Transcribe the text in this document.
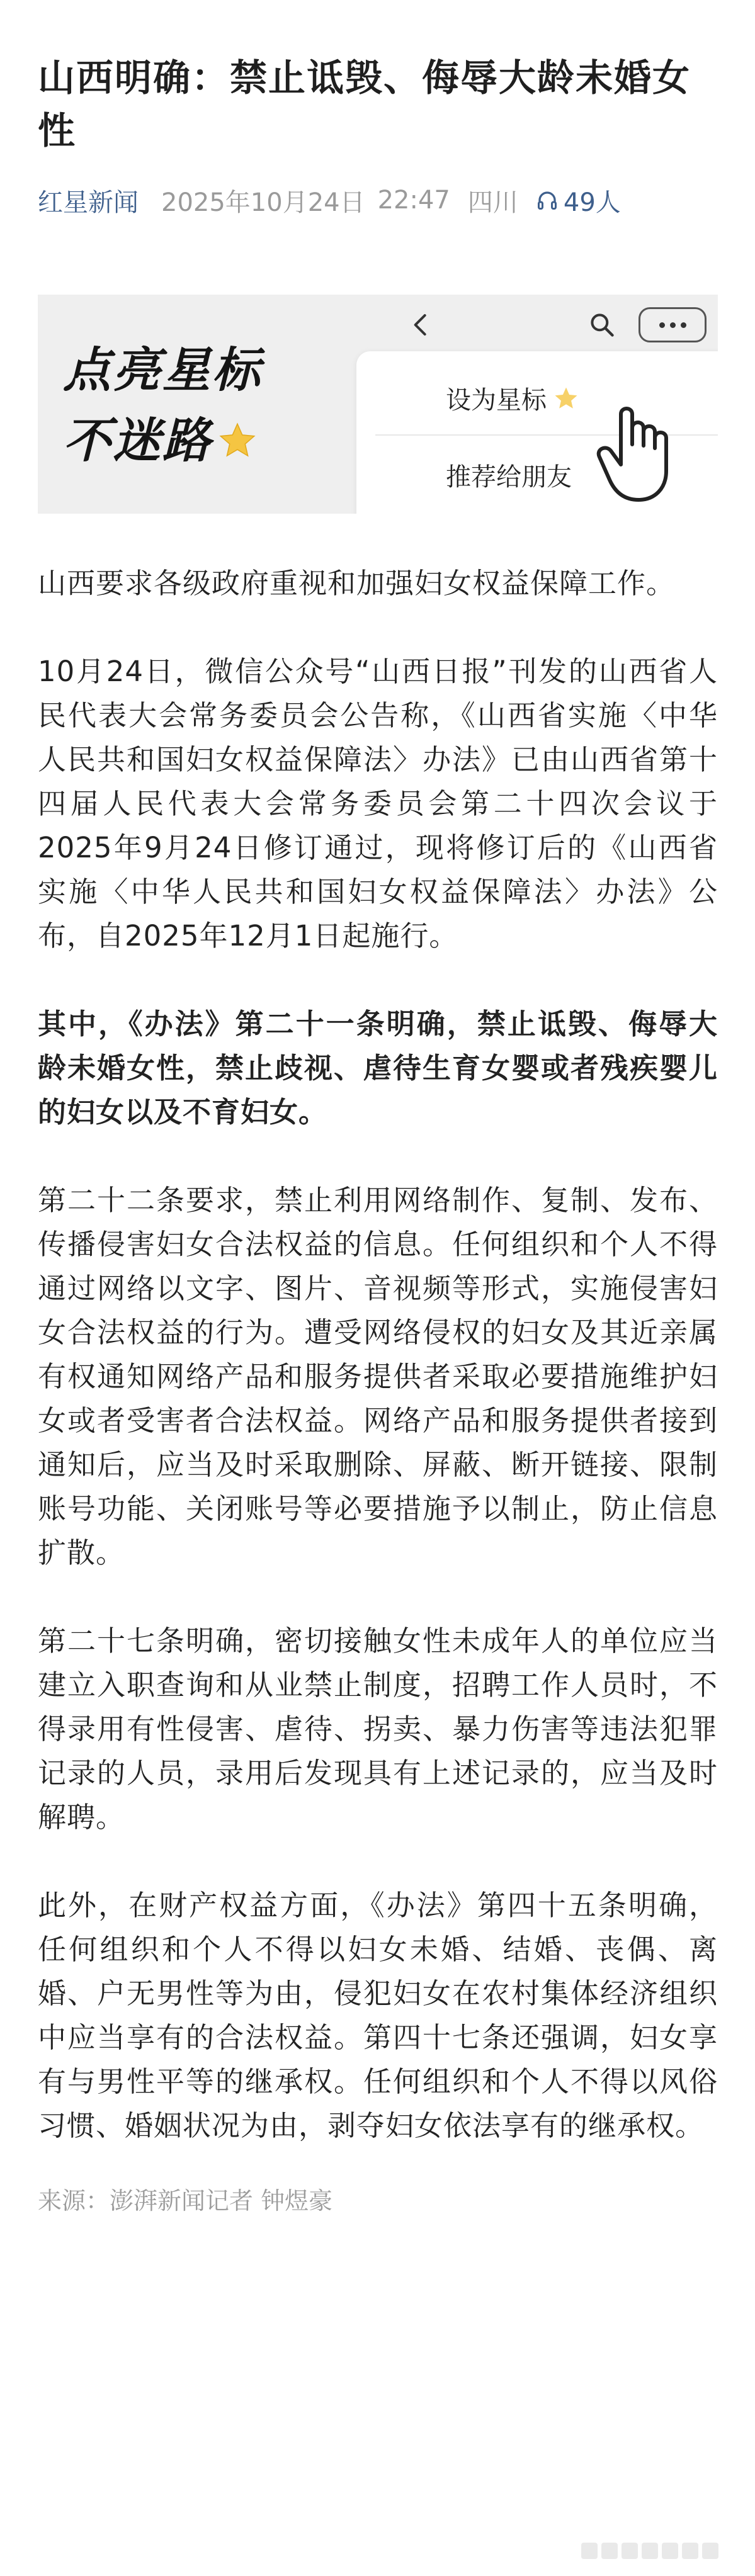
山西明确：禁止诋毁、侮辱大龄未婚女性
红星新闻 2025年10月24日 22:47 四川 49人
点亮星标
不迷路
设为星标
推荐给朋友

山西要求各级政府重视和加强妇女权益保障工作。

10月24日，微信公众号“山西日报”刊发的山西省人民代表大会常务委员会公告称，《山西省实施〈中华人民共和国妇女权益保障法〉办法》已由山西省第十四届人民代表大会常务委员会第二十四次会议于2025年9月24日修订通过，现将修订后的《山西省实施〈中华人民共和国妇女权益保障法〉办法》公布，自2025年12月1日起施行。

其中，《办法》第二十一条明确，禁止诋毁、侮辱大龄未婚女性，禁止歧视、虐待生育女婴或者残疾婴儿的妇女以及不育妇女。

第二十二条要求，禁止利用网络制作、复制、发布、传播侵害妇女合法权益的信息。任何组织和个人不得通过网络以文字、图片、音视频等形式，实施侵害妇女合法权益的行为。遭受网络侵权的妇女及其近亲属有权通知网络产品和服务提供者采取必要措施维护妇女或者受害者合法权益。网络产品和服务提供者接到通知后，应当及时采取删除、屏蔽、断开链接、限制账号功能、关闭账号等必要措施予以制止，防止信息扩散。

第二十七条明确，密切接触女性未成年人的单位应当建立入职查询和从业禁止制度，招聘工作人员时，不得录用有性侵害、虐待、拐卖、暴力伤害等违法犯罪记录的人员，录用后发现具有上述记录的，应当及时解聘。

此外，在财产权益方面，《办法》第四十五条明确，任何组织和个人不得以妇女未婚、结婚、丧偶、离婚、户无男性等为由，侵犯妇女在农村集体经济组织中应当享有的合法权益。第四十七条还强调，妇女享有与男性平等的继承权。任何组织和个人不得以风俗习惯、婚姻状况为由，剥夺妇女依法享有的继承权。

来源：澎湃新闻记者 钟煜豪
